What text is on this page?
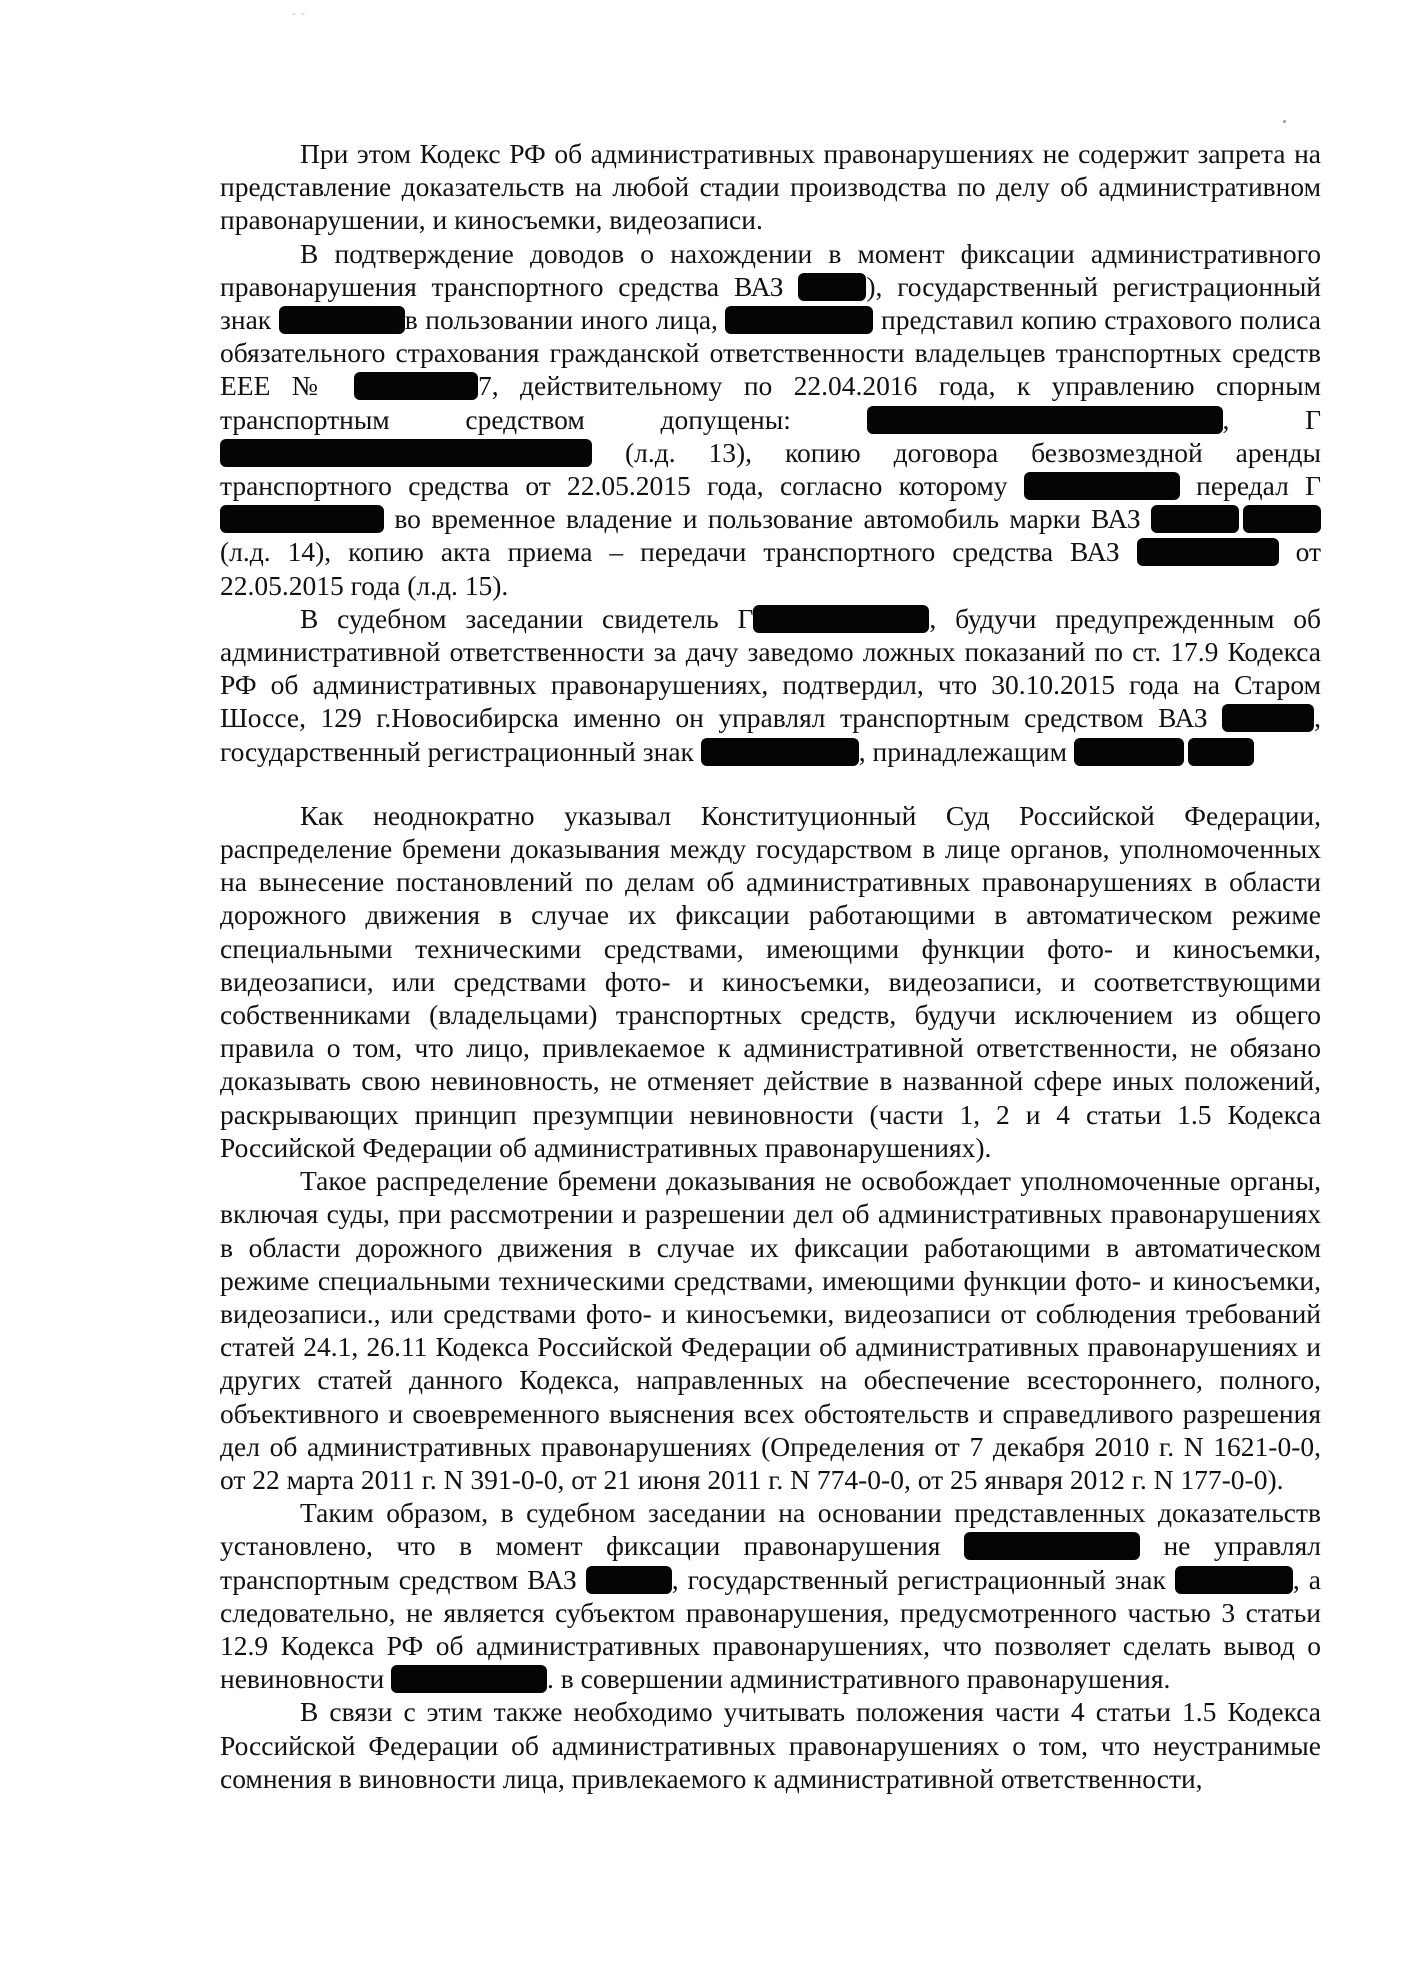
- -

При этом Кодекс РФ об административных правонарушениях не содержит запрета на представление доказательств на любой стадии производства по делу об административном правонарушении, и киносъемки, видеозаписи.

В подтверждение доводов о нахождении в момент фиксации административного правонарушения транспортного средства ВАЗ ), государственный регистрационный знак	в пользовании иного лица,	представил копию страхового полиса обязательного страхования гражданской ответственности владельцев транспортных средств ЕЕЕ №	7, действительному по 22.04.2016 года, к управлению спорным транспортным средством допущены:	, Г (л.д. 13), копию договора безвозмездной аренды транспортного средства от 22.05.2015 года, согласно которому	передал Г во временное владение и пользование автомобиль марки ВАЗ  (л.д. 14), копию акта приема – передачи транспортного средства ВАЗ	от 22.05.2015 года (л.д. 15).

В судебном заседании свидетель Г	, будучи предупрежденным об административной ответственности за дачу заведомо ложных показаний по ст. 17.9 Кодекса РФ об административных правонарушениях, подтвердил, что 30.10.2015 года на Старом Шоссе, 129 г.Новосибирска именно он управлял транспортным средством ВАЗ	, государственный регистрационный знак	, принадлежащим

Как неоднократно указывал Конституционный Суд Российской Федерации, распределение бремени доказывания между государством в лице органов, уполномоченных на вынесение постановлений по делам об административных правонарушениях в области дорожного движения в случае их фиксации работающими в автоматическом режиме специальными техническими средствами, имеющими функции фото- и киносъемки, видеозаписи, или средствами фото- и киносъемки, видеозаписи, и соответствующими собственниками (владельцами) транспортных средств, будучи исключением из общего правила о том, что лицо, привлекаемое к административной ответственности, не обязано доказывать свою невиновность, не отменяет действие в названной сфере иных положений, раскрывающих принцип презумпции невиновности (части 1, 2 и 4 статьи 1.5 Кодекса Российской Федерации об административных правонарушениях).

Такое распределение бремени доказывания не освобождает уполномоченные органы, включая суды, при рассмотрении и разрешении дел об административных правонарушениях в области дорожного движения в случае их фиксации работающими в автоматическом режиме специальными техническими средствами, имеющими функции фото- и киносъемки, видеозаписи., или средствами фото- и киносъемки, видеозаписи от соблюдения требований статей 24.1, 26.11 Кодекса Российской Федерации об административных правонарушениях и других статей данного Кодекса, направленных на обеспечение всестороннего, полного, объективного и своевременного выяснения всех обстоятельств и справедливого разрешения дел об административных правонарушениях (Определения от 7 декабря 2010 г. N 1621-0-0, от 22 марта 2011 г. N 391-0-0, от 21 июня 2011 г. N 774-0-0, от 25 января 2012 г. N 177-0-0).

Таким образом, в судебном заседании на основании представленных доказательств установлено, что в момент фиксации правонарушения	не управлял транспортным средством ВАЗ	, государственный регистрационный знак	, а следовательно, не является субъектом правонарушения, предусмотренного частью 3 статьи 12.9 Кодекса РФ об административных правонарушениях, что позволяет сделать вывод о невиновности	. в совершении административного правонарушения.

В связи с этим также необходимо учитывать положения части 4 статьи 1.5 Кодекса Российской Федерации об административных правонарушениях о том, что неустранимые сомнения в виновности лица, привлекаемого к административной ответственности,
